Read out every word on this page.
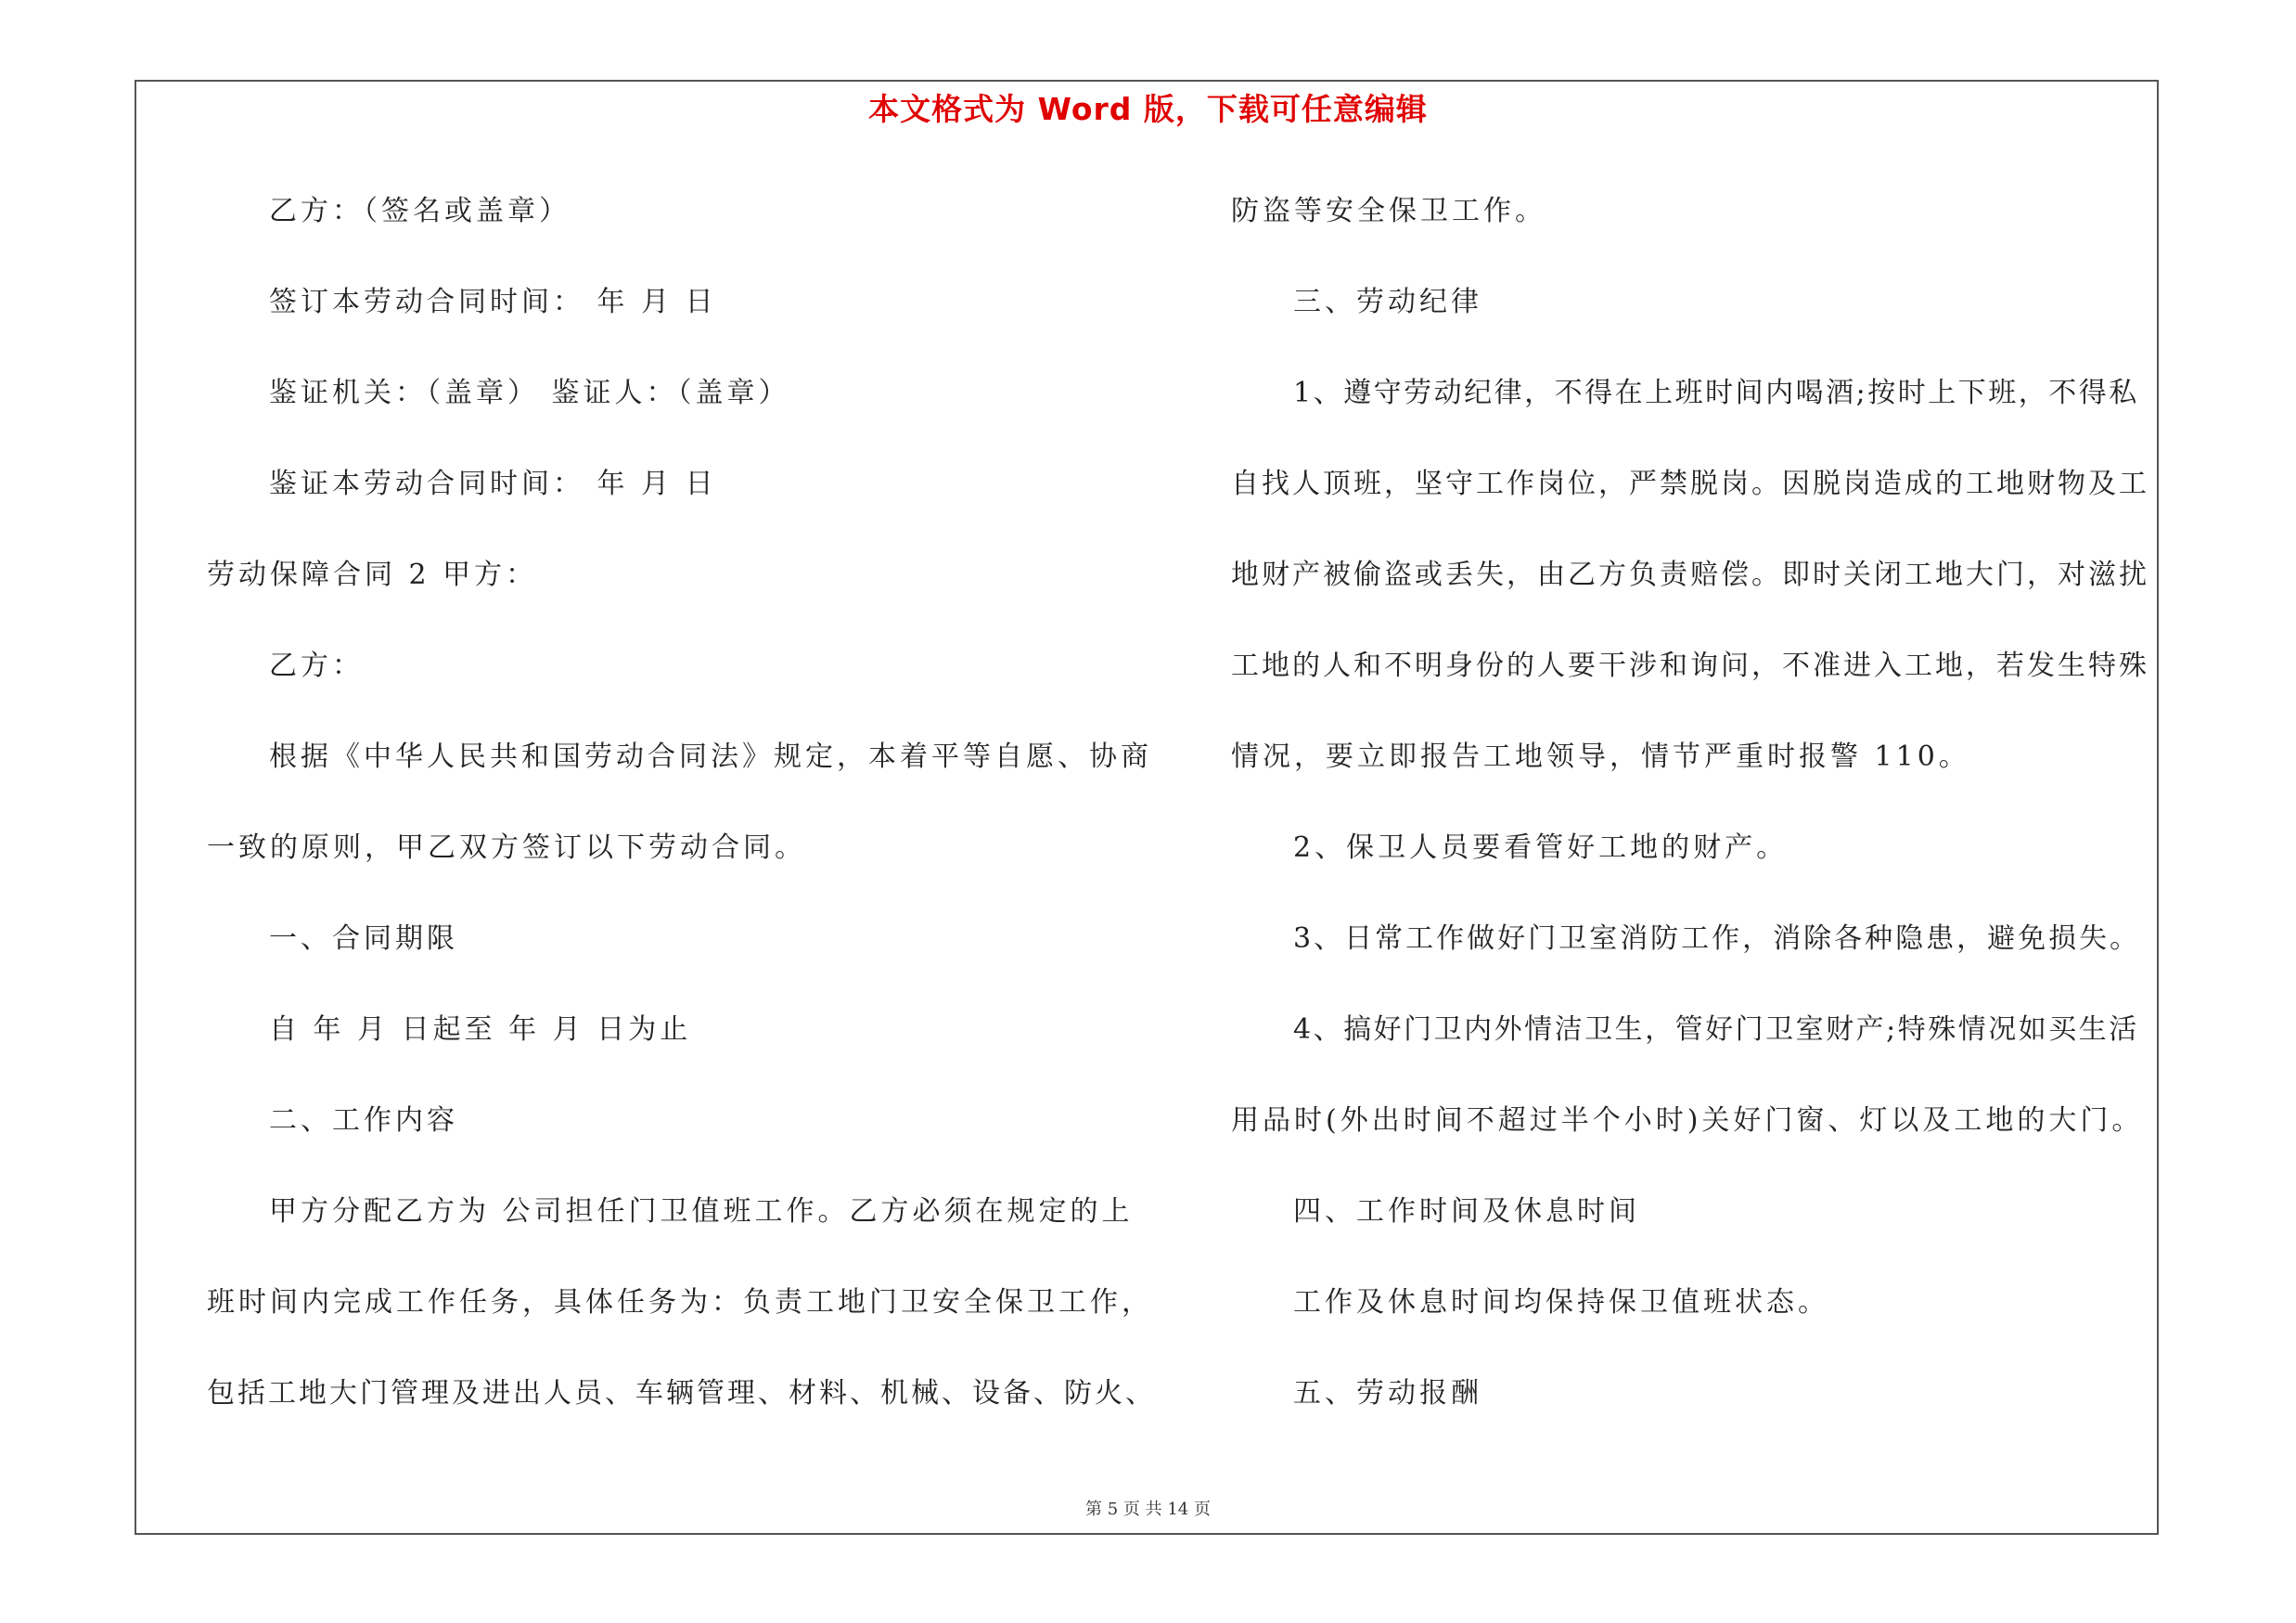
本文格式为 Word 版，下载可任意编辑
乙方：（签名或盖章）
签订本劳动合同时间： 年 月 日
鉴证机关：（盖章） 鉴证人：（盖章）
鉴证本劳动合同时间： 年 月 日
劳动保障合同 2 甲方：
乙方：
根据《中华人民共和国劳动合同法》规定，本着平等自愿、协商
一致的原则，甲乙双方签订以下劳动合同。
一、合同期限
自 年 月 日起至 年 月 日为止
二、工作内容
甲方分配乙方为 公司担任门卫值班工作。乙方必须在规定的上
班时间内完成工作任务，具体任务为：负责工地门卫安全保卫工作，
包括工地大门管理及进出人员、车辆管理、材料、机械、设备、防火、
防盗等安全保卫工作。
三、劳动纪律
1、遵守劳动纪律，不得在上班时间内喝酒;按时上下班，不得私
自找人顶班，坚守工作岗位，严禁脱岗。因脱岗造成的工地财物及工
地财产被偷盗或丢失，由乙方负责赔偿。即时关闭工地大门，对滋扰
工地的人和不明身份的人要干涉和询问，不准进入工地，若发生特殊
情况，要立即报告工地领导，情节严重时报警 110。
2、保卫人员要看管好工地的财产。
3、日常工作做好门卫室消防工作，消除各种隐患，避免损失。
4、搞好门卫内外情洁卫生，管好门卫室财产;特殊情况如买生活
用品时(外出时间不超过半个小时)关好门窗、灯以及工地的大门。
四、工作时间及休息时间
工作及休息时间均保持保卫值班状态。
五、劳动报酬
第 5 页 共 14 页
